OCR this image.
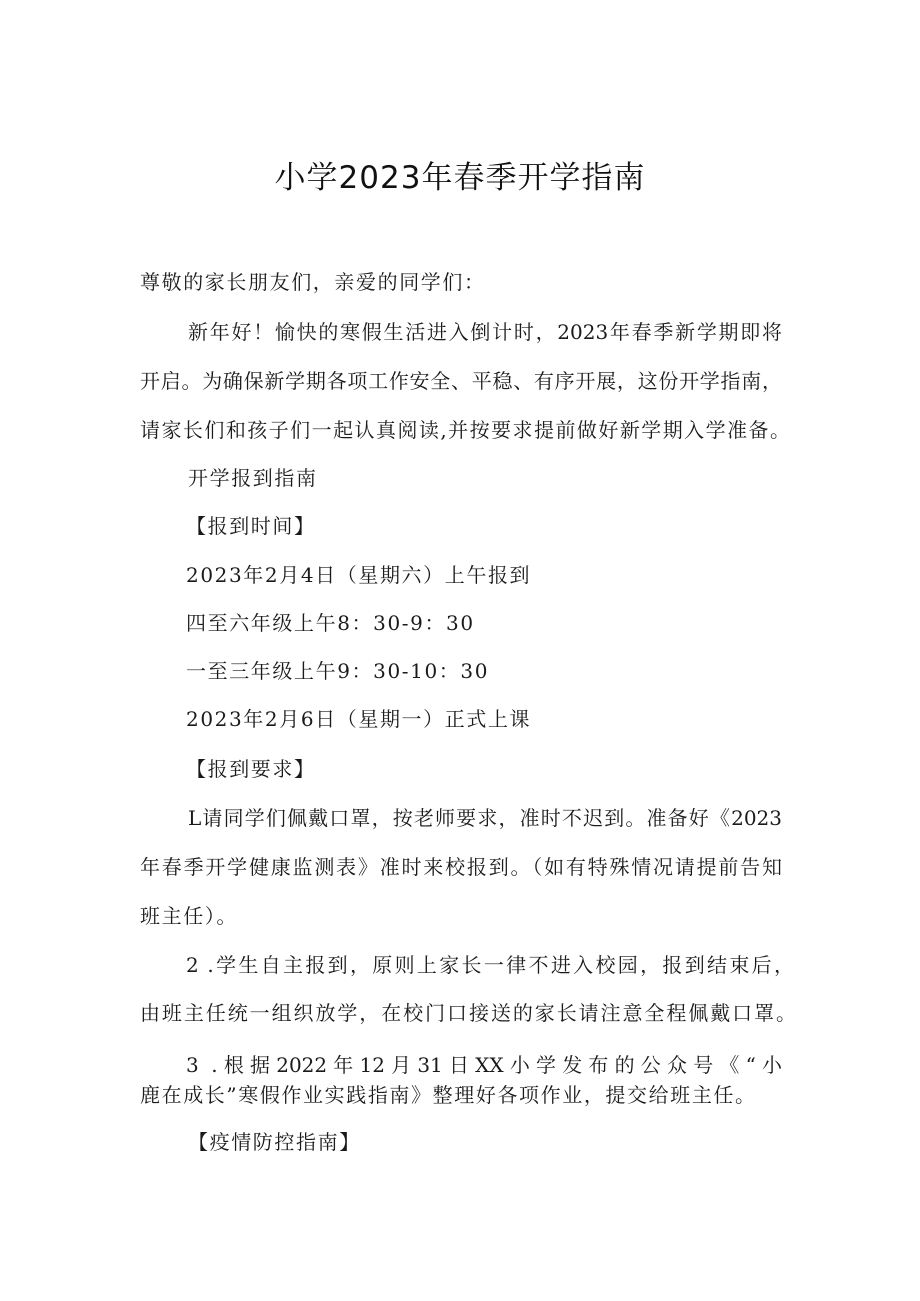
小学2023年春季开学指南
尊敬的家长朋友们，亲爱的同学们：
新年好！愉快的寒假生活进入倒计时，2023年春季新学期即将
开启。为确保新学期各项工作安全、平稳、有序开展，这份开学指南，
请家长们和孩子们一起认真阅读,并按要求提前做好新学期入学准备。
开学报到指南
【报到时间】
2023年2月4日（星期六）上午报到
四至六年级上午8：30-9：30
一至三年级上午9：30-10：30
2023年2月6日（星期一）正式上课
【报到要求】
L请同学们佩戴口罩，按老师要求，准时不迟到。准备好《2023
年春季开学健康监测表》准时来校报到。（如有特殊情况请提前告知
班主任）。
2 .学生自主报到，原则上家长一律不进入校园，报到结束后，
由班主任统一组织放学，在校门口接送的家长请注意全程佩戴口罩。
3 .根据2022年12月31日XX小学发布的公众号《“小
鹿在成长”寒假作业实践指南》整理好各项作业，提交给班主任。
【疫情防控指南】
